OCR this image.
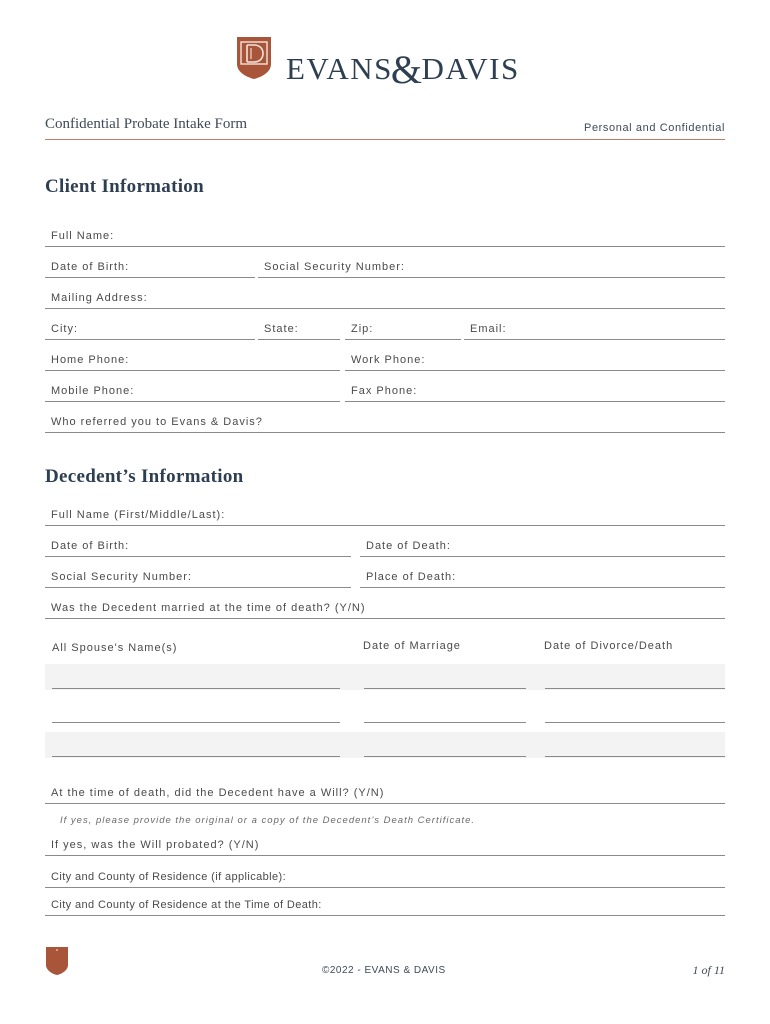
EVANS&DAVIS
Confidential Probate Intake Form	Personal and Confidential
Client Information
Full Name:
Date of Birth:	Social Security Number:
Mailing Address:
City:	State:	Zip:	Email:
Home Phone:	Work Phone:
Mobile Phone:	Fax Phone:
Who referred you to Evans & Davis?
Decedent’s Information
Full Name (First/Middle/Last):
Date of Birth:	Date of Death:
Social Security Number:	Place of Death:
Was the Decedent married at the time of death? (Y/N)
All Spouse's Name(s)	Date of Marriage	Date of Divorce/Death
At the time of death, did the Decedent have a Will? (Y/N)
If yes, please provide the original or a copy of the Decedent’s Death Certificate.
If yes, was the Will probated? (Y/N)
City and County of Residence (if applicable):
City and County of Residence at the Time of Death:
©2022 - EVANS & DAVIS	1 of 11
